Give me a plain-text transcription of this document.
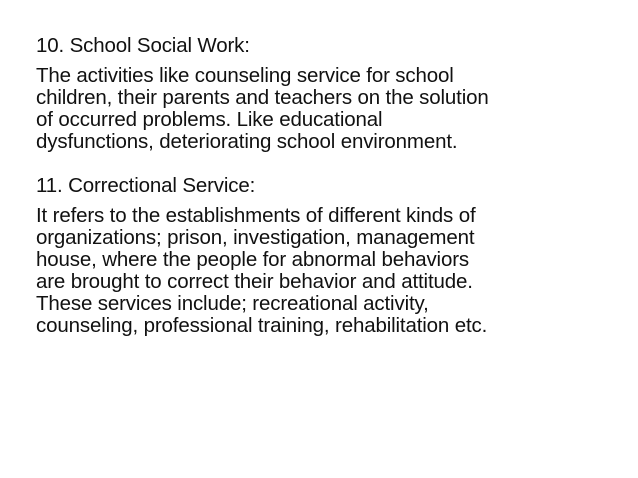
10. School Social Work:
The activities like counseling service for school
children, their parents and teachers on the solution
of occurred problems. Like educational
dysfunctions, deteriorating school environment.
11. Correctional Service:
It refers to the establishments of different kinds of
organizations; prison, investigation, management
house, where the people for abnormal behaviors
are brought to correct their behavior and attitude.
These services include; recreational activity,
counseling, professional training, rehabilitation etc.
